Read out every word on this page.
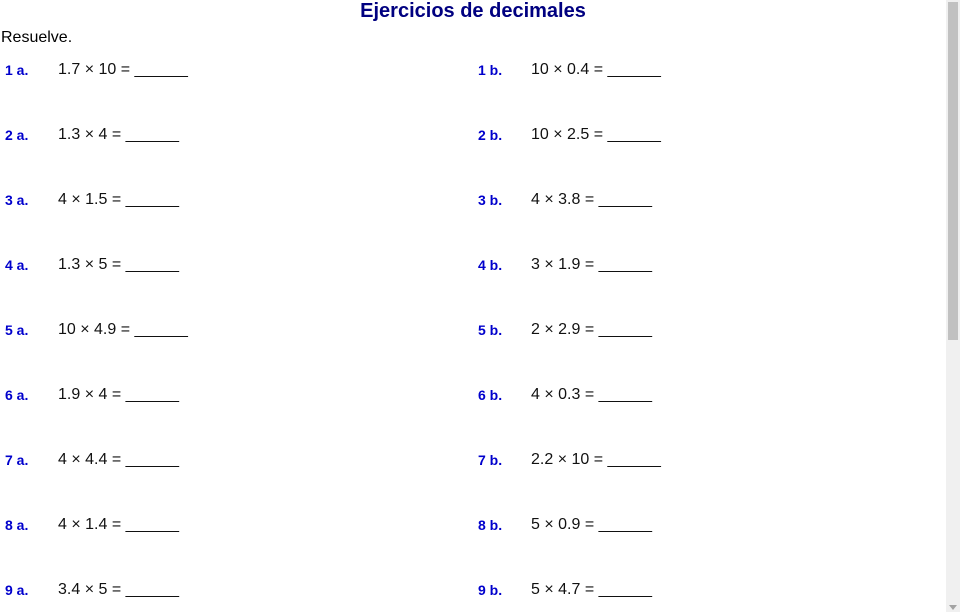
Ejercicios de decimales
Resuelve.
1 a.	1.7 × 10 = ______	1 b.	10 × 0.4 = ______
2 a.	1.3 × 4 = ______	2 b.	10 × 2.5 = ______
3 a.	4 × 1.5 = ______	3 b.	4 × 3.8 = ______
4 a.	1.3 × 5 = ______	4 b.	3 × 1.9 = ______
5 a.	10 × 4.9 = ______	5 b.	2 × 2.9 = ______
6 a.	1.9 × 4 = ______	6 b.	4 × 0.3 = ______
7 a.	4 × 4.4 = ______	7 b.	2.2 × 10 = ______
8 a.	4 × 1.4 = ______	8 b.	5 × 0.9 = ______
9 a.	3.4 × 5 = ______	9 b.	5 × 4.7 = ______
